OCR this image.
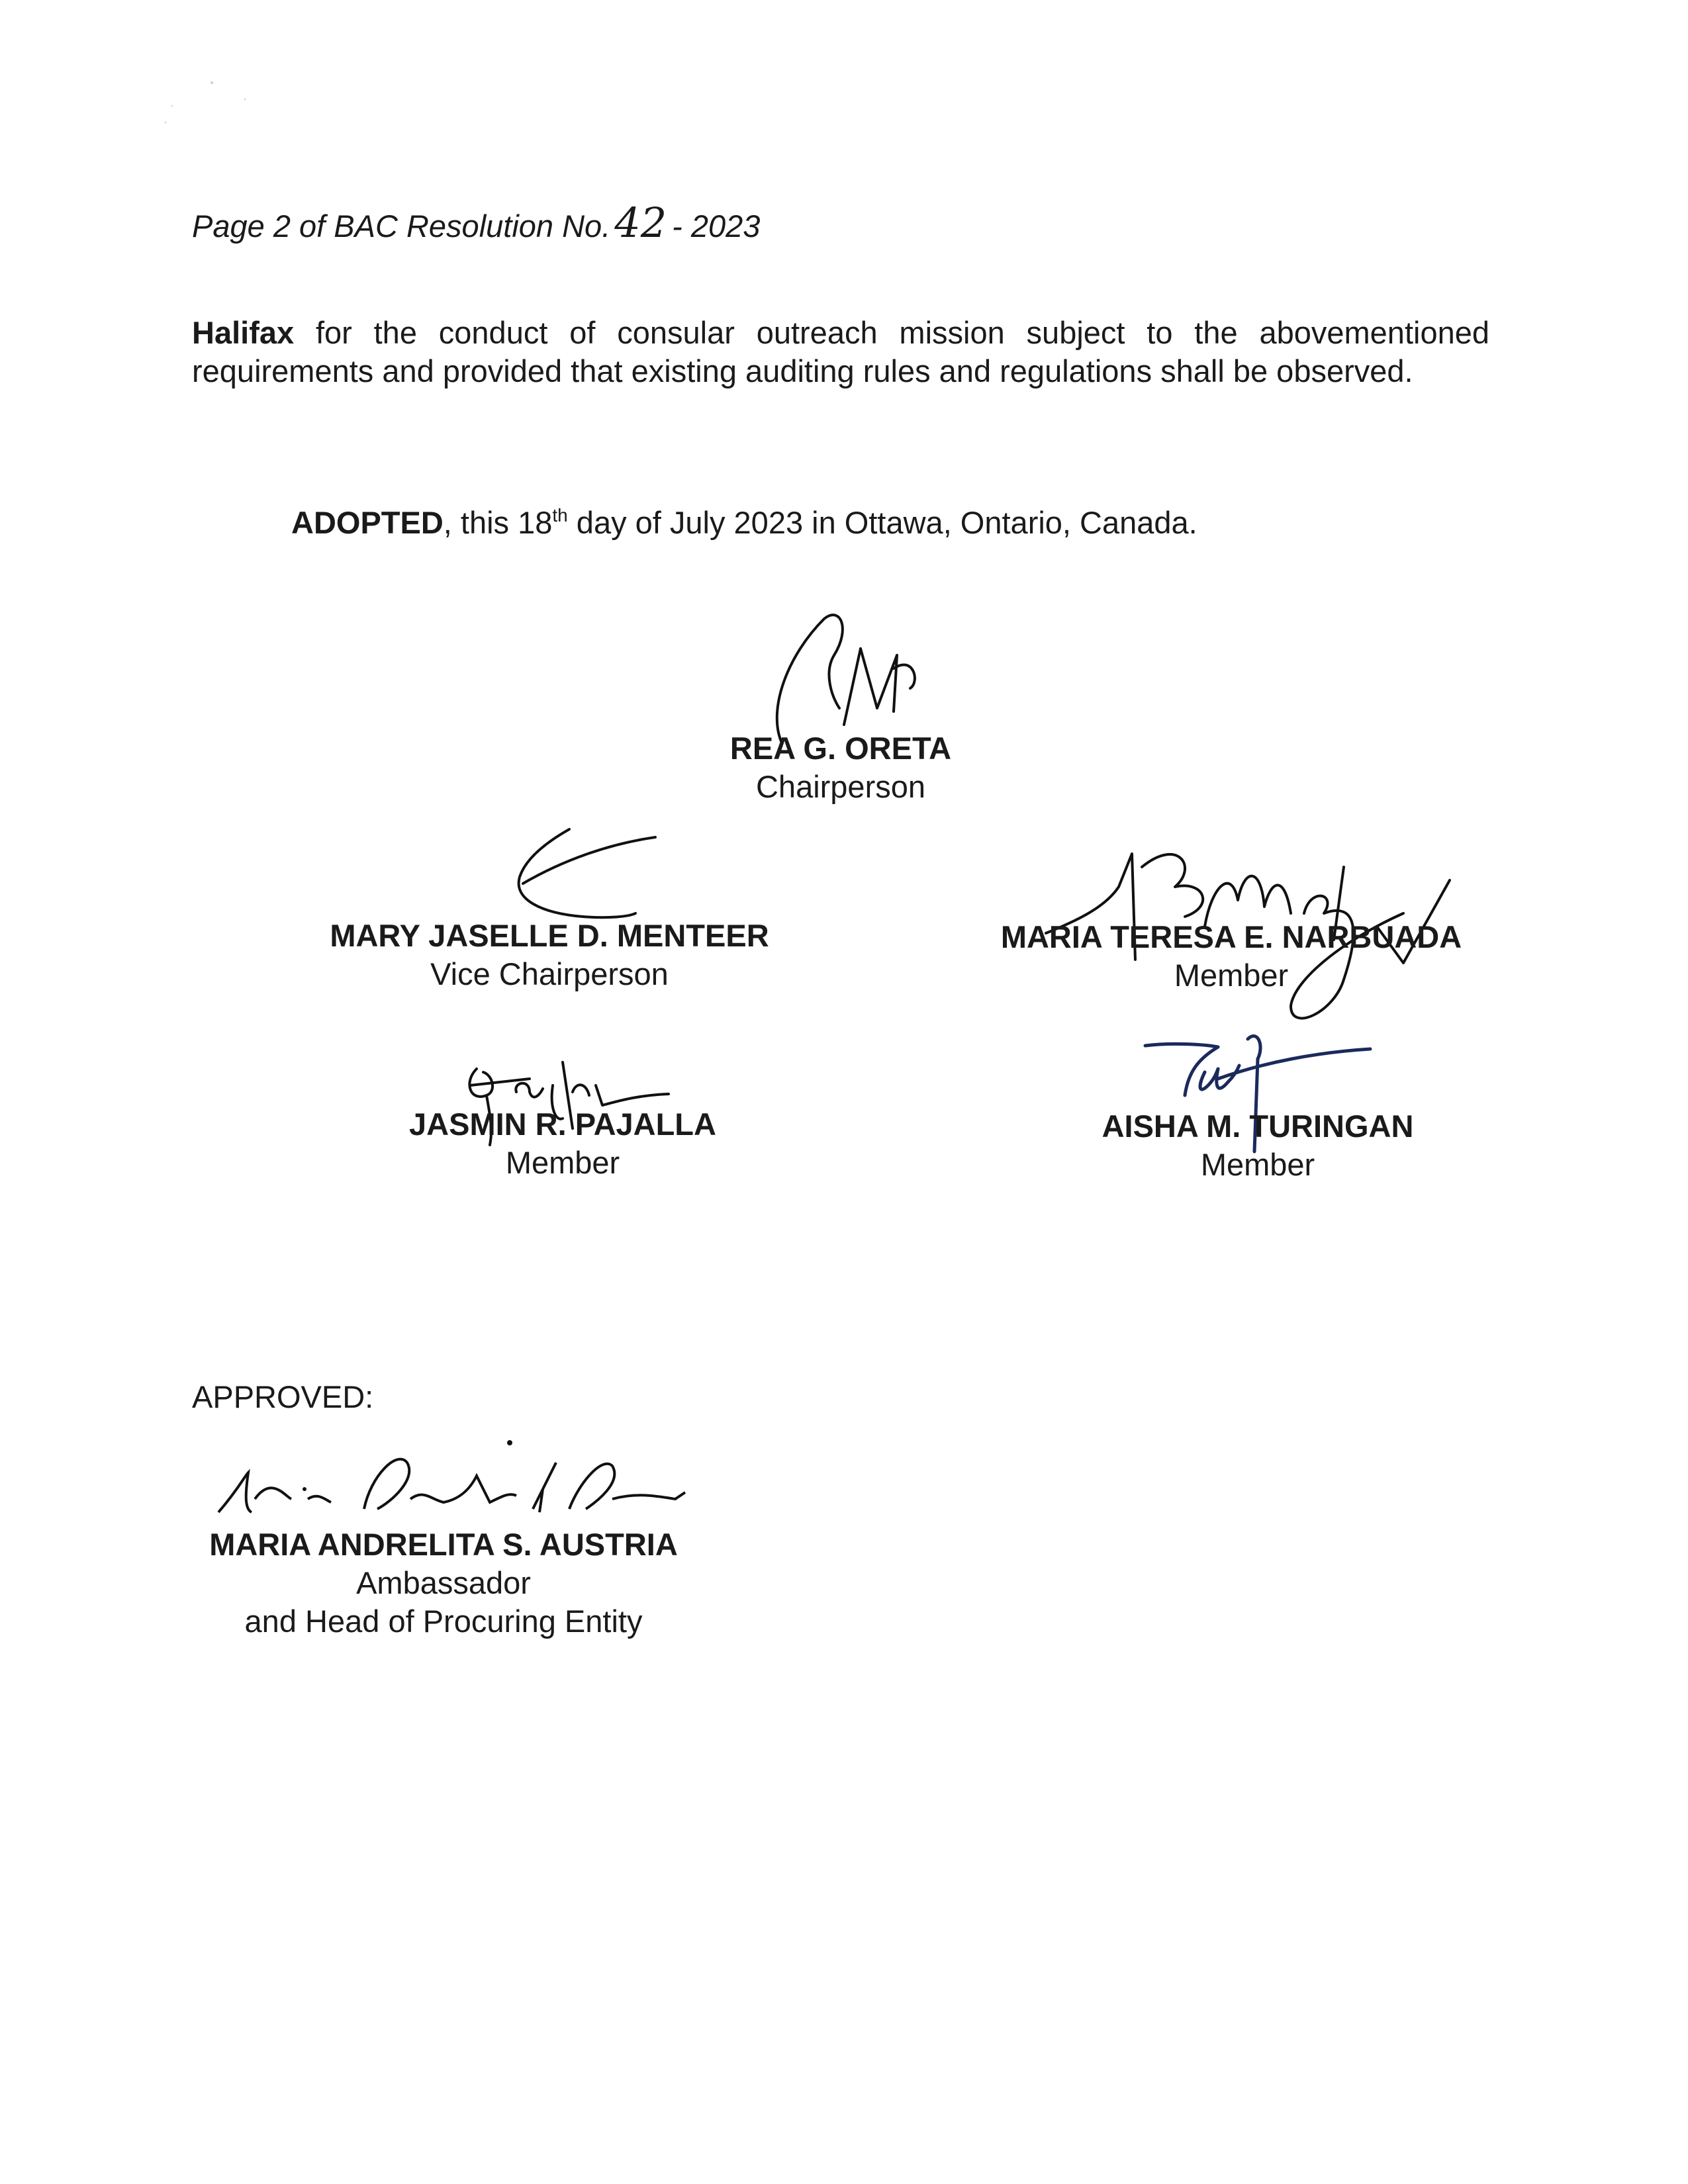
Page 2 of BAC Resolution No.42 - 2023
Halifax for the conduct of consular outreach mission subject to the abovementioned requirements and provided that existing auditing rules and regulations shall be observed.
ADOPTED, this 18th day of July 2023 in Ottawa, Ontario, Canada.
REA G. ORETA
Chairperson
MARY JASELLE D. MENTEER
Vice Chairperson
MARIA TERESA E. NARBUADA
Member
JASMIN R. PAJALLA
Member
AISHA M. TURINGAN
Member
APPROVED:
MARIA ANDRELITA S. AUSTRIA
Ambassador
and Head of Procuring Entity
